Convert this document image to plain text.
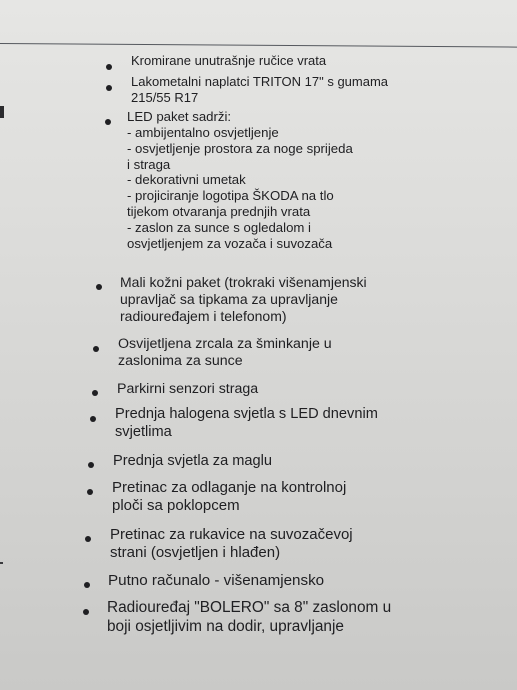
Kromirane unutrašnje ručice vrata
Lakometalni naplatci TRITON 17" s gumama
215/55 R17
LED paket sadrži:
- ambijentalno osvjetljenje
- osvjetljenje prostora za noge sprijeda
i straga
- dekorativni umetak
- projiciranje logotipa ŠKODA na tlo
tijekom otvaranja prednjih vrata
- zaslon za sunce s ogledalom i
osvjetljenjem za vozača i suvozača
Mali kožni paket (trokraki višenamjenski
upravljač sa tipkama za upravljanje
radiouređajem i telefonom)
Osvijetljena zrcala za šminkanje u
zaslonima za sunce
Parkirni senzori straga
Prednja halogena svjetla s LED dnevnim
svjetlima
Prednja svjetla za maglu
Pretinac za odlaganje na kontrolnoj
ploči sa poklopcem
Pretinac za rukavice na suvozačevoj
strani (osvjetljen i hlađen)
Putno računalo - višenamjensko
Radiouređaj "BOLERO" sa 8" zaslonom u
boji osjetljivim na dodir, upravljanje
